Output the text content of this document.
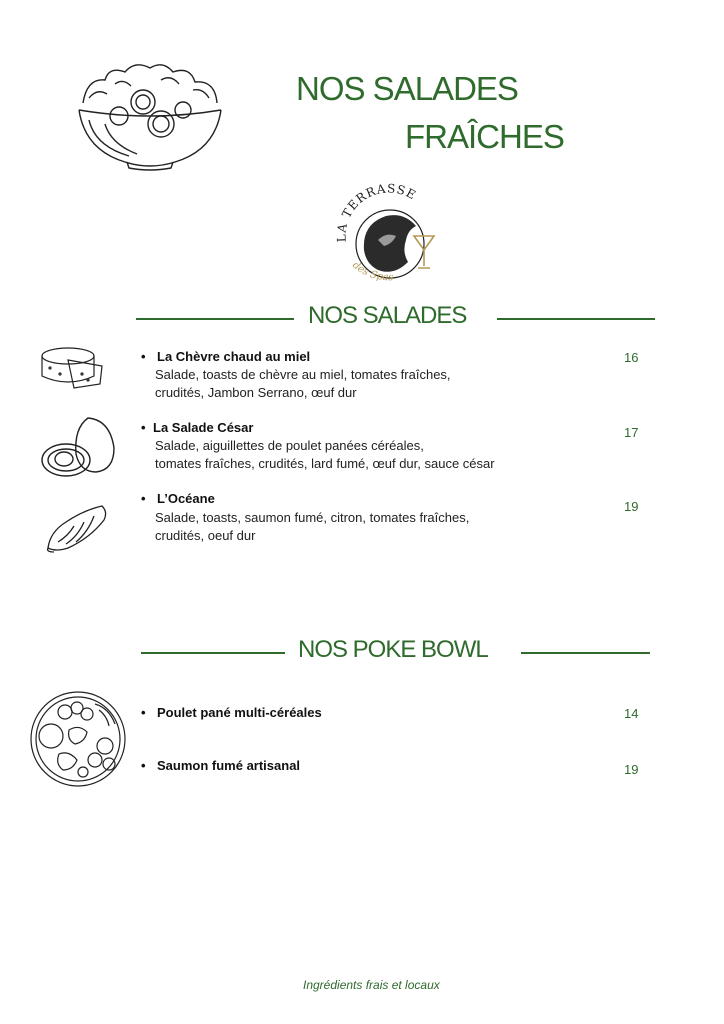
NOS SALADES
FRAÎCHES
LA TERRASSE
des Spas
NOS SALADES
• La Chèvre chaud au miel
Salade, toasts de chèvre au miel, tomates fraîches,
crudités, Jambon Serrano, œuf dur
16
• La Salade César
Salade, aiguillettes de poulet panées céréales,
tomates fraîches, crudités, lard fumé, œuf dur, sauce césar
17
• L’Océane
Salade, toasts, saumon fumé, citron, tomates fraîches,
crudités, oeuf dur
19
NOS POKE BOWL
• Poulet pané multi-céréales	14
• Saumon fumé artisanal	19
Ingrédients frais et locaux
